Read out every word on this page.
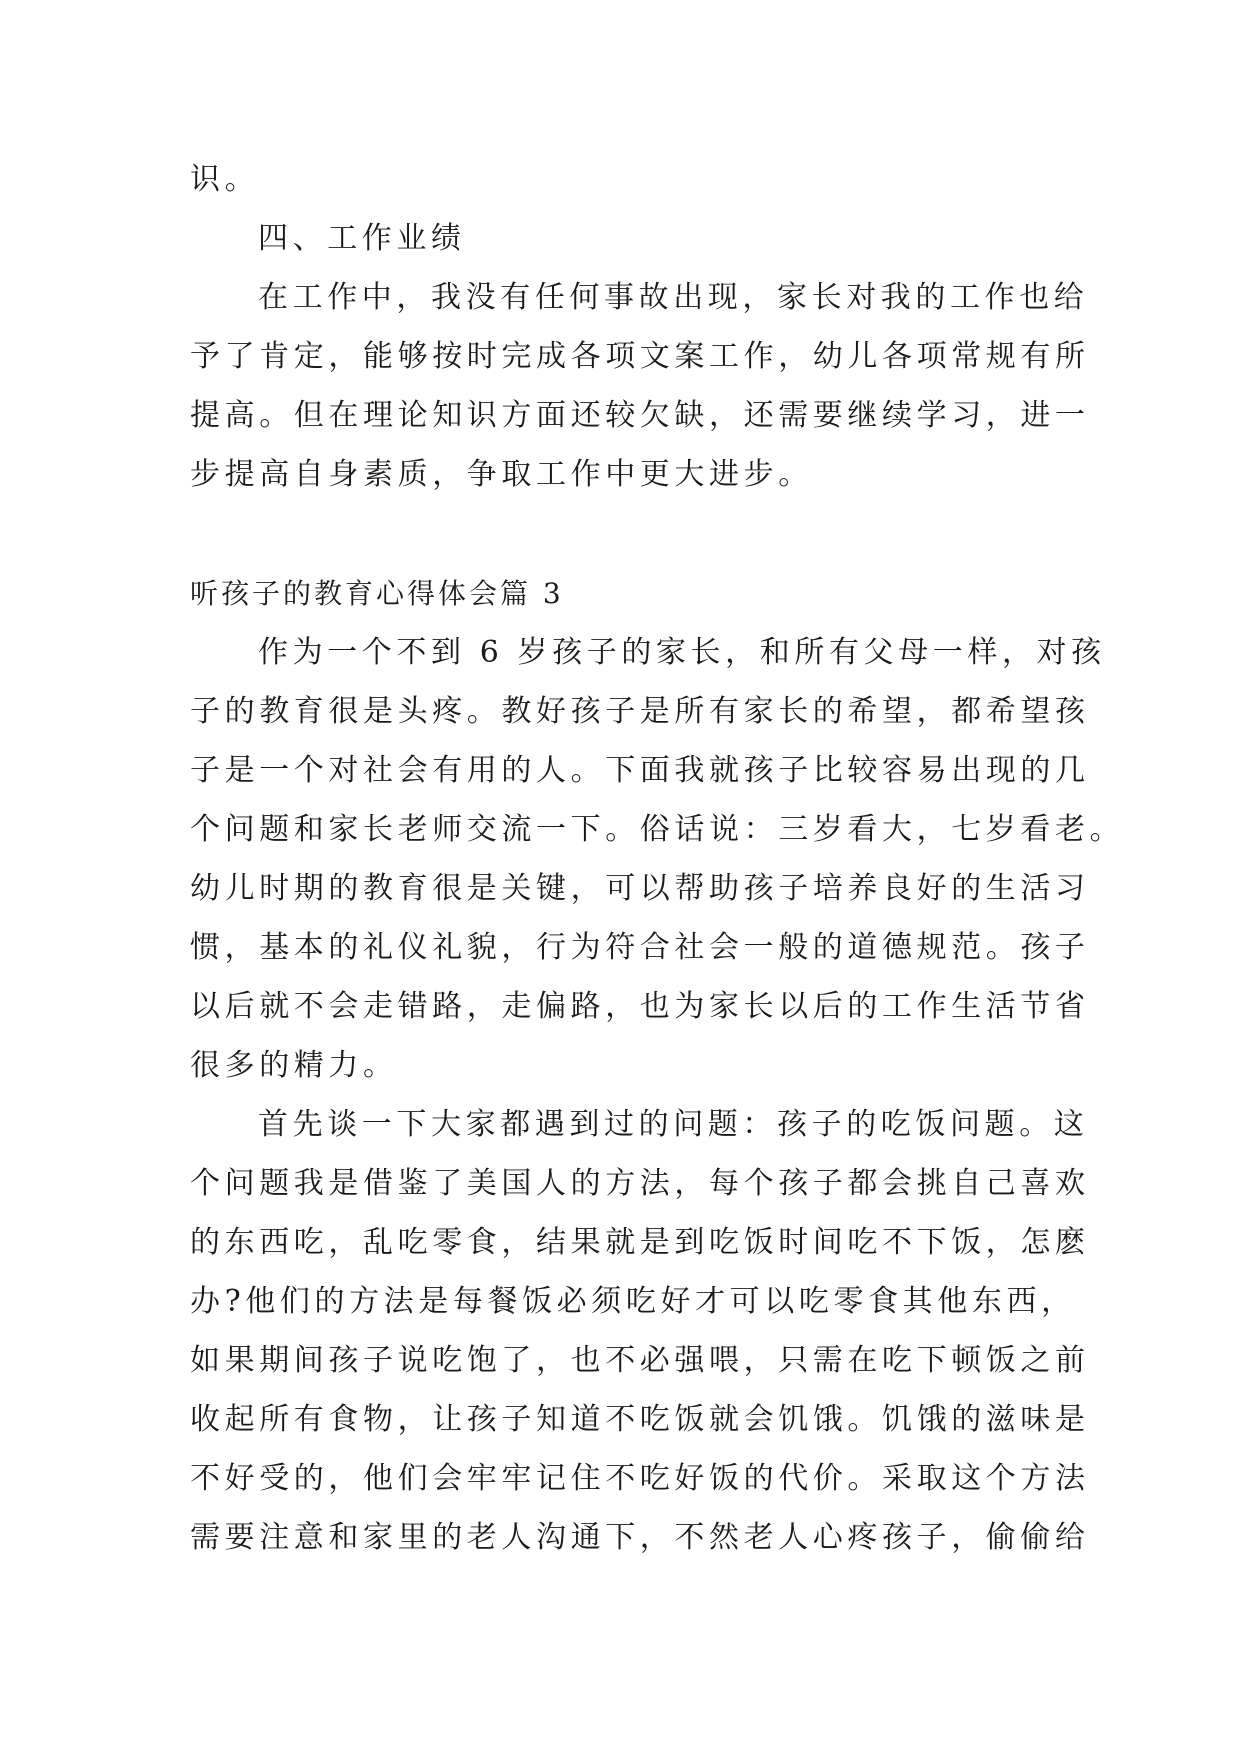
识。
四、工作业绩
在工作中，我没有任何事故出现，家长对我的工作也给
予了肯定，能够按时完成各项文案工作，幼儿各项常规有所
提高。但在理论知识方面还较欠缺，还需要继续学习，进一
步提高自身素质，争取工作中更大进步。
听孩子的教育心得体会篇 3
作为一个不到 6 岁孩子的家长，和所有父母一样，对孩
子的教育很是头疼。教好孩子是所有家长的希望，都希望孩
子是一个对社会有用的人。下面我就孩子比较容易出现的几
个问题和家长老师交流一下。俗话说：三岁看大，七岁看老。
幼儿时期的教育很是关键，可以帮助孩子培养良好的生活习
惯，基本的礼仪礼貌，行为符合社会一般的道德规范。孩子
以后就不会走错路，走偏路，也为家长以后的工作生活节省
很多的精力。
首先谈一下大家都遇到过的问题：孩子的吃饭问题。这
个问题我是借鉴了美国人的方法，每个孩子都会挑自己喜欢
的东西吃，乱吃零食，结果就是到吃饭时间吃不下饭，怎麽
办?他们的方法是每餐饭必须吃好才可以吃零食其他东西，
如果期间孩子说吃饱了，也不必强喂，只需在吃下顿饭之前
收起所有食物，让孩子知道不吃饭就会饥饿。饥饿的滋味是
不好受的，他们会牢牢记住不吃好饭的代价。采取这个方法
需要注意和家里的老人沟通下，不然老人心疼孩子，偷偷给
